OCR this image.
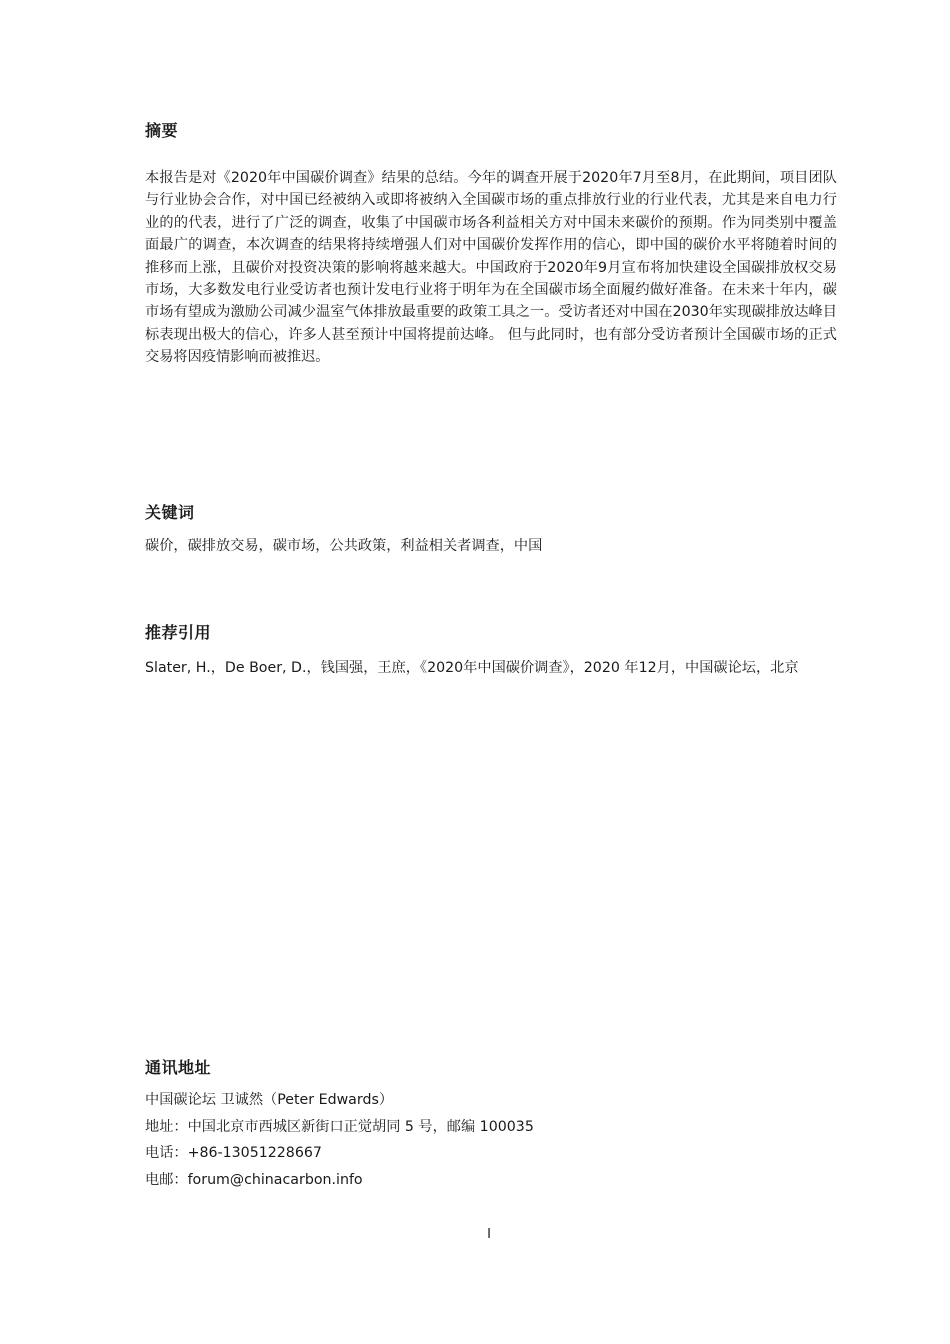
摘要

本报告是对《2020年中国碳价调查》结果的总结。今年的调查开展于2020年7月至8月，在此期间，项目团队与行业协会合作，对中国已经被纳入或即将被纳入全国碳市场的重点排放行业的行业代表，尤其是来自电力行业的的代表，进行了广泛的调查，收集了中国碳市场各利益相关方对中国未来碳价的预期。作为同类别中覆盖面最广的调查，本次调查的结果将持续增强人们对中国碳价发挥作用的信心，即中国的碳价水平将随着时间的推移而上涨，且碳价对投资决策的影响将越来越大。中国政府于2020年9月宣布将加快建设全国碳排放权交易市场，大多数发电行业受访者也预计发电行业将于明年为在全国碳市场全面履约做好准备。在未来十年内，碳市场有望成为激励公司减少温室气体排放最重要的政策工具之一。受访者还对中国在2030年实现碳排放达峰目标表现出极大的信心，许多人甚至预计中国将提前达峰。 但与此同时，也有部分受访者预计全国碳市场的正式交易将因疫情影响而被推迟。

关键词

碳价，碳排放交易，碳市场，公共政策，利益相关者调查，中国

推荐引用

Slater, H.，De Boer, D.，钱国强，王庶，《2020年中国碳价调查》，2020 年12月，中国碳论坛，北京

通讯地址

中国碳论坛 卫诚然（Peter Edwards）

地址：中国北京市西城区新街口正觉胡同 5 号，邮编 100035

电话：+86-13051228667

电邮：forum@chinacarbon.info

I
